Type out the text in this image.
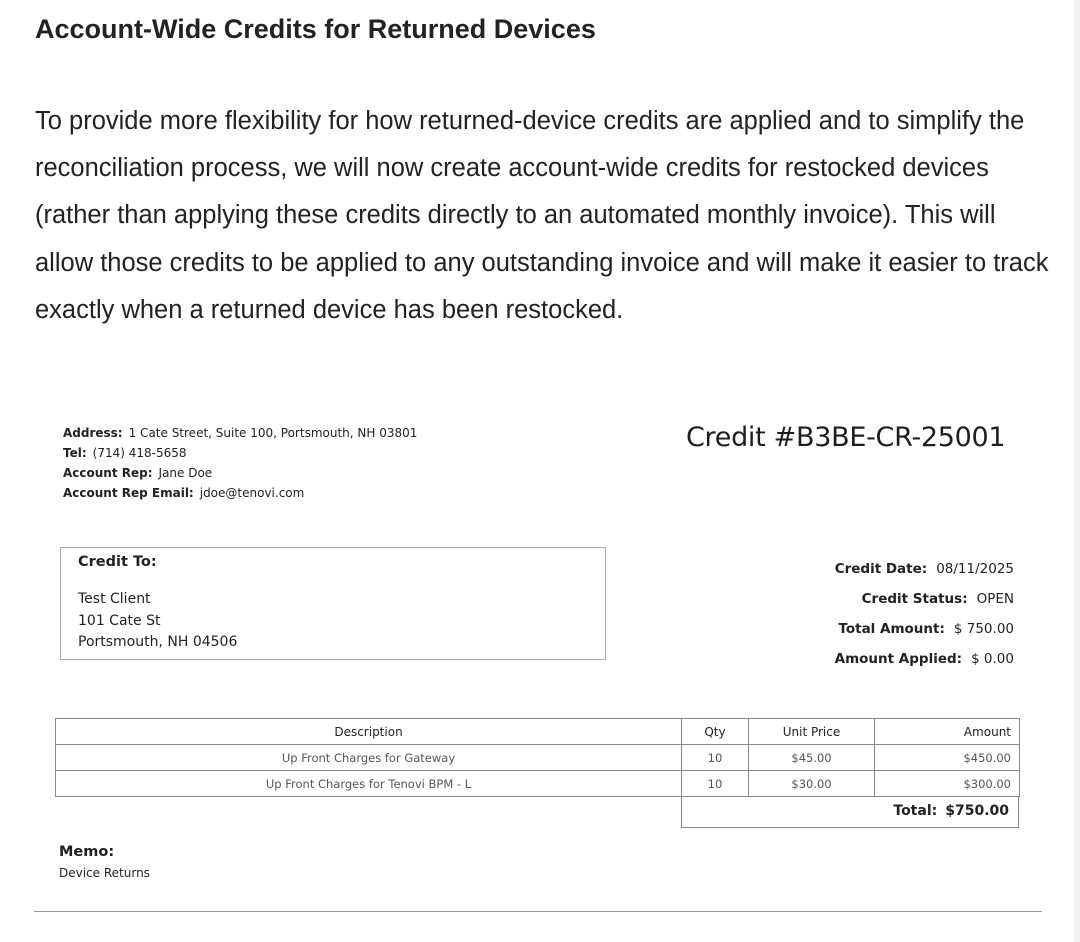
Account-Wide Credits for Returned Devices

To provide more flexibility for how returned-device credits are applied and to simplify the reconciliation process, we will now create account-wide credits for restocked devices (rather than applying these credits directly to an automated monthly invoice). This will allow those credits to be applied to any outstanding invoice and will make it easier to track exactly when a returned device has been restocked.

Address: 1 Cate Street, Suite 100, Portsmouth, NH 03801
Tel: (714) 418-5658
Account Rep: Jane Doe
Account Rep Email: jdoe@tenovi.com
Credit #B3BE-CR-25001
Credit To:
Test Client
101 Cate St
Portsmouth, NH 04506
Credit Date: 08/11/2025
Credit Status: OPEN
Total Amount: $ 750.00
Amount Applied: $ 0.00
Description	Qty	Unit Price	Amount
Up Front Charges for Gateway	10	$45.00	$450.00
Up Front Charges for Tenovi BPM - L	10	$30.00	$300.00
Total: $750.00
Memo:
Device Returns
